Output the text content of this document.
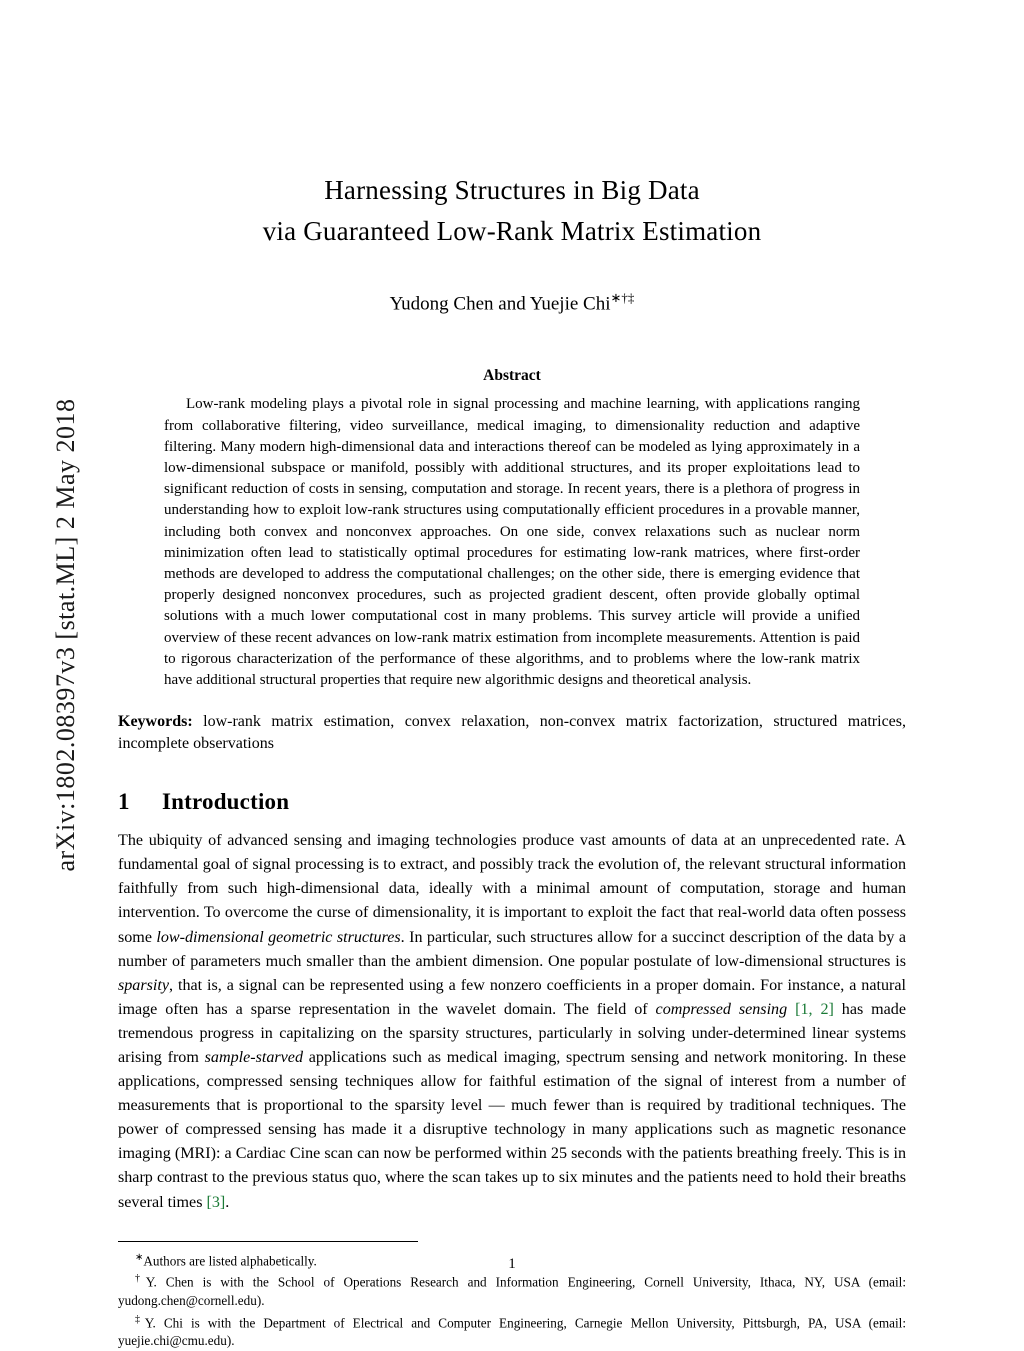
arXiv:1802.08397v3 [stat.ML] 2 May 2018
Harnessing Structures in Big Data
via Guaranteed Low-Rank Matrix Estimation
Yudong Chen and Yuejie Chi∗†‡
Abstract
Low-rank modeling plays a pivotal role in signal processing and machine learning, with applications ranging from collaborative filtering, video surveillance, medical imaging, to dimensionality reduction and adaptive filtering. Many modern high-dimensional data and interactions thereof can be modeled as lying approximately in a low-dimensional subspace or manifold, possibly with additional structures, and its proper exploitations lead to significant reduction of costs in sensing, computation and storage. In recent years, there is a plethora of progress in understanding how to exploit low-rank structures using computationally efficient procedures in a provable manner, including both convex and nonconvex approaches. On one side, convex relaxations such as nuclear norm minimization often lead to statistically optimal procedures for estimating low-rank matrices, where first-order methods are developed to address the computational challenges; on the other side, there is emerging evidence that properly designed nonconvex procedures, such as projected gradient descent, often provide globally optimal solutions with a much lower computational cost in many problems. This survey article will provide a unified overview of these recent advances on low-rank matrix estimation from incomplete measurements. Attention is paid to rigorous characterization of the performance of these algorithms, and to problems where the low-rank matrix have additional structural properties that require new algorithmic designs and theoretical analysis.
Keywords: low-rank matrix estimation, convex relaxation, non-convex matrix factorization, structured matrices, incomplete observations
1 Introduction
The ubiquity of advanced sensing and imaging technologies produce vast amounts of data at an unprecedented rate. A fundamental goal of signal processing is to extract, and possibly track the evolution of, the relevant structural information faithfully from such high-dimensional data, ideally with a minimal amount of computation, storage and human intervention. To overcome the curse of dimensionality, it is important to exploit the fact that real-world data often possess some low-dimensional geometric structures. In particular, such structures allow for a succinct description of the data by a number of parameters much smaller than the ambient dimension. One popular postulate of low-dimensional structures is sparsity, that is, a signal can be represented using a few nonzero coefficients in a proper domain. For instance, a natural image often has a sparse representation in the wavelet domain. The field of compressed sensing [1, 2] has made tremendous progress in capitalizing on the sparsity structures, particularly in solving under-determined linear systems arising from sample-starved applications such as medical imaging, spectrum sensing and network monitoring. In these applications, compressed sensing techniques allow for faithful estimation of the signal of interest from a number of measurements that is proportional to the sparsity level — much fewer than is required by traditional techniques. The power of compressed sensing has made it a disruptive technology in many applications such as magnetic resonance imaging (MRI): a Cardiac Cine scan can now be performed within 25 seconds with the patients breathing freely. This is in sharp contrast to the previous status quo, where the scan takes up to six minutes and the patients need to hold their breaths several times [3].
∗Authors are listed alphabetically.
†Y. Chen is with the School of Operations Research and Information Engineering, Cornell University, Ithaca, NY, USA (email: yudong.chen@cornell.edu).
‡Y. Chi is with the Department of Electrical and Computer Engineering, Carnegie Mellon University, Pittsburgh, PA, USA (email: yuejie.chi@cmu.edu).
1
